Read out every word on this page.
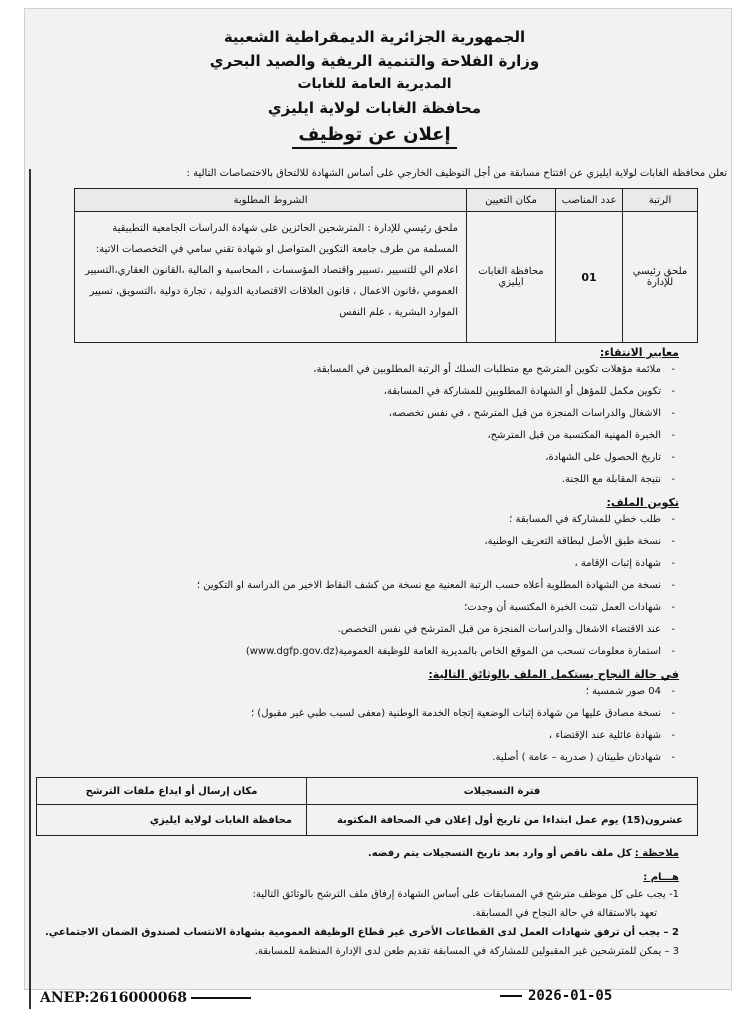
الجمهورية الجزائرية الديمقراطية الشعبية
وزارة الفلاحة والتنمية الريفية والصيد البحري
المديرية العامة للغابات
محافظة الغابات لولاية ايليزي
إعلان عن توظيف
تعلن محافظة الغابات لولاية ايليزي عن افتتاح مسابقة من أجل التوظيف الخارجي على أساس الشهادة للالتحاق بالاختصاصات التالية :
الرتبة	عدد المناصب	مكان التعيين	الشروط المطلوبة
ملحق رئيسي للإدارة	01	محافظة الغابات ايليزي	ملحق رئيسي للإدارة : المترشحين الحائزين على شهادة الدراسات الجامعية التطبيقية المسلمة من طرف جامعة التكوين المتواصل او شهادة تقني سامي في التخصصات الاتية: اعلام الي للتسيير ،تسيير واقتصاد المؤسسات ، المحاسبة و المالية ،القانون العقاري،التسيير العمومي ،قانون الاعمال ، قانون العلاقات الاقتصادية الدولية ، تجارة دولية ،التسويق، تسيير الموارد البشرية ، علم النفس
معايير الانتقاء:
- ملائمة مؤهلات تكوين المترشح مع متطلبات السلك أو الرتبة المطلوبين في المسابقة،
- تكوين مكمل للمؤهل أو الشهادة المطلوبين للمشاركة في المسابقة،
- الاشغال والدراسات المنجزة من قبل المترشح ، في نفس تخصصه،
- الخبرة المهنية المكتسبة من قبل المترشح،
- تاريخ الحصول على الشهادة،
- نتيجة المقابلة مع اللجنة.
تكوين الملف:
- طلب خطي للمشاركة في المسابقة ؛
- نسخة طبق الأصل لبطاقة التعريف الوطنية،
- شهادة إثبات الإقامة ،
- نسخة من الشهادة المطلوبة أعلاه حسب الرتبة المعنية مع نسخة من كشف النقاط الاخير من الدراسة او التكوين ؛
- شهادات العمل تثبت الخبرة المكتسبة أن وجدت؛
- عند الاقتضاء الاشغال والدراسات المنجزة من قبل المترشح في نفس التخصص.
- استمارة معلومات تسحب من الموقع الخاص بالمديرية العامة للوظيفة العمومية(www.dgfp.gov.dz)
في حالة النجاح يستكمل الملف بالوثائق التالية:
- 04 صور شمسية ؛
- نسخة مصادق عليها من شهادة إثبات الوضعية إتجاه الخدمة الوطنية (معفى لسبب طبي غير مقبول) ؛
- شهادة عائلية عند الإقتضاء ،
- شهادتان طبيتان ( صدرية – عامة ) أصلية.
فترة التسجيلات	مكان إرسال أو ايداع ملفات الترشح
عشرون(15) يوم عمل ابتداءا من تاريخ أول إعلان في الصحافة المكتوبة	محافظة الغابات لولاية ايليزي
ملاحظة : كل ملف ناقص أو وارد بعد تاريخ التسجيلات يتم رفضه.
هـــام :
1- يجب على كل موظف مترشح في المسابقات على أساس الشهادة إرفاق ملف الترشح بالوثائق التالية:
تعهد بالاستقالة في حالة النجاح في المسابقة.
2 – يجب أن ترفق شهادات العمل لدى القطاعات الأخرى غير قطاع الوظيفة العمومية بشهادة الانتساب لصندوق الضمان الاجتماعي.
3 – يمكن للمترشحين غير المقبولين للمشاركة في المسابقة تقديم طعن لدى الإدارة المنظمة للمسابقة.
ANEP:2616000068	2026-01-05
